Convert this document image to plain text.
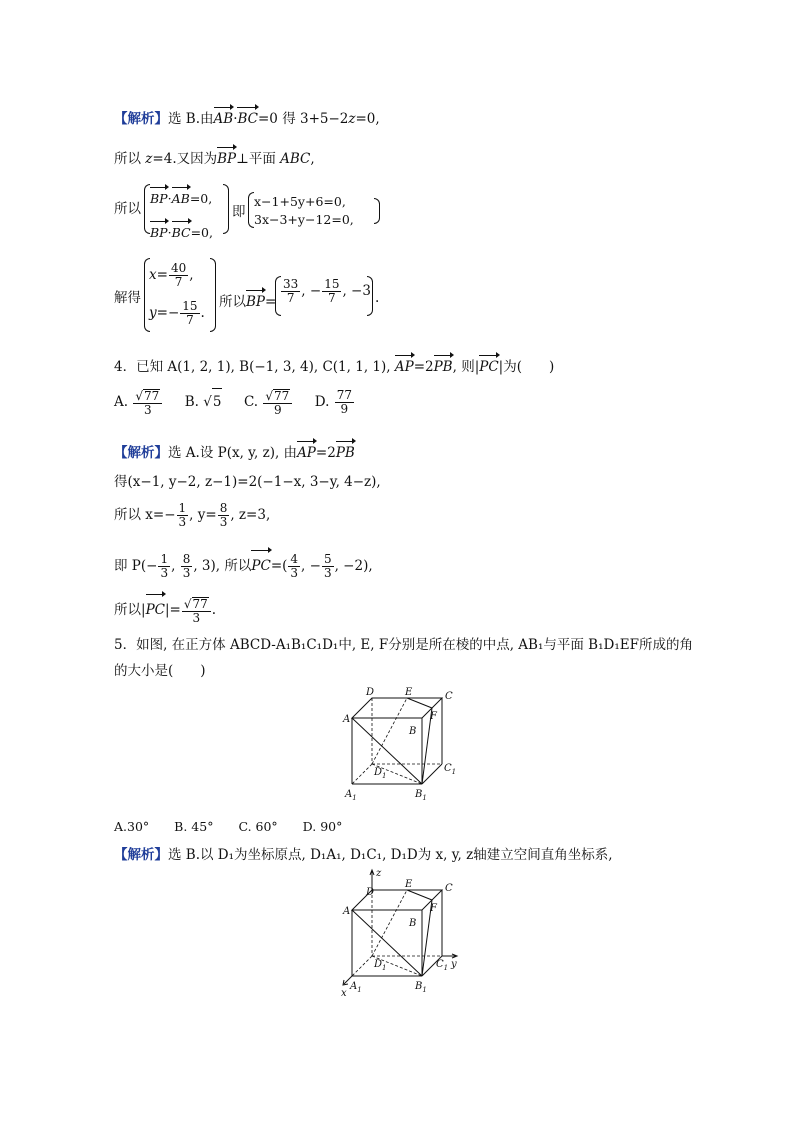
【解析】选 B.由AB·BC=0 得 3+5−2z=0,
所以 z=4.又因为BP⊥平面 ABC,
所以
BP·AB=0,
BP·BC=0,
即
x−1+5y+6=0,
3x−3+y−12=0,
解得
$x= \frac{40}{7}$ ,
$y=- \frac{15}{7}$ .
所以$BP= \frac{33}{7}$ , − $\frac{15}{7}$ , −3 .
4．已知 A(1, 2, 1), B(−1, 3, 4), C(1, 1, 1), AP=2PB, 则|PC|为(　　)
A. $\frac{√77}{3} B$. √5 C. $\frac{√77}{9} D$. $\frac{77}{9}$
【解析】选 A.设 P(x, y, z), 由AP=2PB
得(x−1, y−2, z−1)=2(−1−x, 3−y, 4−z),
所以 $x=- \frac{1}{3}$ , $y= \frac{8}{3}$ , z=3,
即 $P(- \frac{1}{3}$ , $\frac{8}{3}$ , 3), 所以$PC=( \frac{4}{3}$ , − $\frac{5}{3}$ , −2),
所以$|PC|= \frac{√77}{3}$ .
5．如图, 在正方体 ABCD-A₁B₁C₁D₁中, E, F分别是所在棱的中点, AB₁与平面 B₁D₁EF所成的角
的大小是(　　)
D	E	C
A	F
B
$D_1$
$C_1$
$A_1$	$B_1$
A.30°　　B. 45°　　C. 60°　　D. 90°
【解析】选 B.以 D₁为坐标原点, D₁A₁, D₁C₁, D₁D为 x, y, z轴建立空间直角坐标系,
z
y
x
D
E	C
A	F
B
$D_1$	$C_1$
$A_1$	$B_1$
